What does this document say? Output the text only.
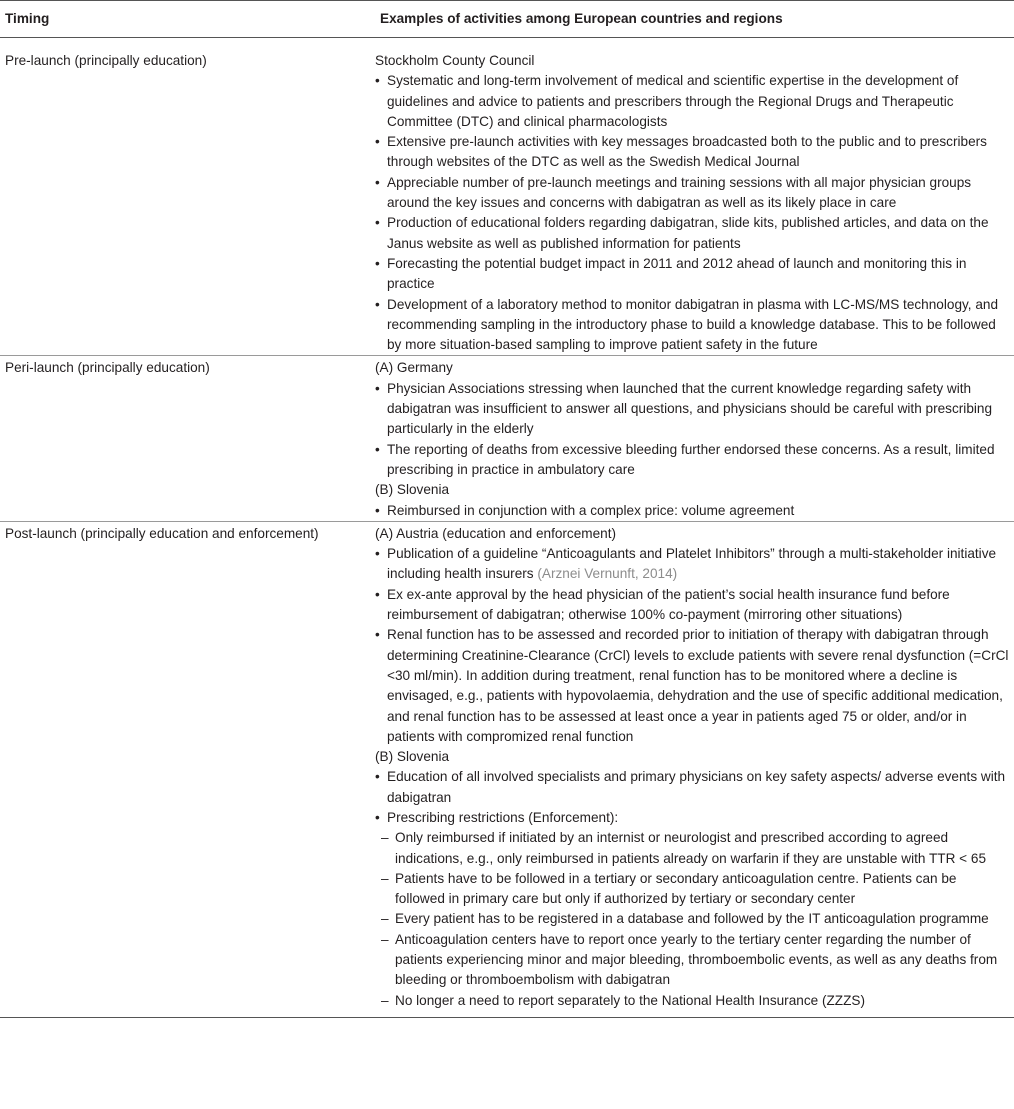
Timing	Examples of activities among European countries and regions
Pre-launch (principally education)	Stockholm County Council
• Systematic and long-term involvement of medical and scientific expertise in the development of guidelines and advice to patients and prescribers through the Regional Drugs and Therapeutic Committee (DTC) and clinical pharmacologists
• Extensive pre-launch activities with key messages broadcasted both to the public and to prescribers through websites of the DTC as well as the Swedish Medical Journal
• Appreciable number of pre-launch meetings and training sessions with all major physician groups around the key issues and concerns with dabigatran as well as its likely place in care
• Production of educational folders regarding dabigatran, slide kits, published articles, and data on the Janus website as well as published information for patients
• Forecasting the potential budget impact in 2011 and 2012 ahead of launch and monitoring this in practice
• Development of a laboratory method to monitor dabigatran in plasma with LC-MS/MS technology, and recommending sampling in the introductory phase to build a knowledge database. This to be followed by more situation-based sampling to improve patient safety in the future
Peri-launch (principally education)	(A) Germany
• Physician Associations stressing when launched that the current knowledge regarding safety with dabigatran was insufficient to answer all questions, and physicians should be careful with prescribing particularly in the elderly
• The reporting of deaths from excessive bleeding further endorsed these concerns. As a result, limited prescribing in practice in ambulatory care
(B) Slovenia
• Reimbursed in conjunction with a complex price: volume agreement
Post-launch (principally education and enforcement)	(A) Austria (education and enforcement)
• Publication of a guideline “Anticoagulants and Platelet Inhibitors” through a multi-stakeholder initiative including health insurers (Arznei Vernunft, 2014)
• Ex ex-ante approval by the head physician of the patient’s social health insurance fund before reimbursement of dabigatran; otherwise 100% co-payment (mirroring other situations)
• Renal function has to be assessed and recorded prior to initiation of therapy with dabigatran through determining Creatinine-Clearance (CrCl) levels to exclude patients with severe renal dysfunction (=CrCl <30 ml/min). In addition during treatment, renal function has to be monitored where a decline is envisaged, e.g., patients with hypovolaemia, dehydration and the use of specific additional medication, and renal function has to be assessed at least once a year in patients aged 75 or older, and/or in patients with compromized renal function
(B) Slovenia
• Education of all involved specialists and primary physicians on key safety aspects/ adverse events with dabigatran
• Prescribing restrictions (Enforcement):
– Only reimbursed if initiated by an internist or neurologist and prescribed according to agreed indications, e.g., only reimbursed in patients already on warfarin if they are unstable with TTR < 65
– Patients have to be followed in a tertiary or secondary anticoagulation centre. Patients can be followed in primary care but only if authorized by tertiary or secondary center
– Every patient has to be registered in a database and followed by the IT anticoagulation programme
– Anticoagulation centers have to report once yearly to the tertiary center regarding the number of patients experiencing minor and major bleeding, thromboembolic events, as well as any deaths from bleeding or thromboembolism with dabigatran
– No longer a need to report separately to the National Health Insurance (ZZZS)
